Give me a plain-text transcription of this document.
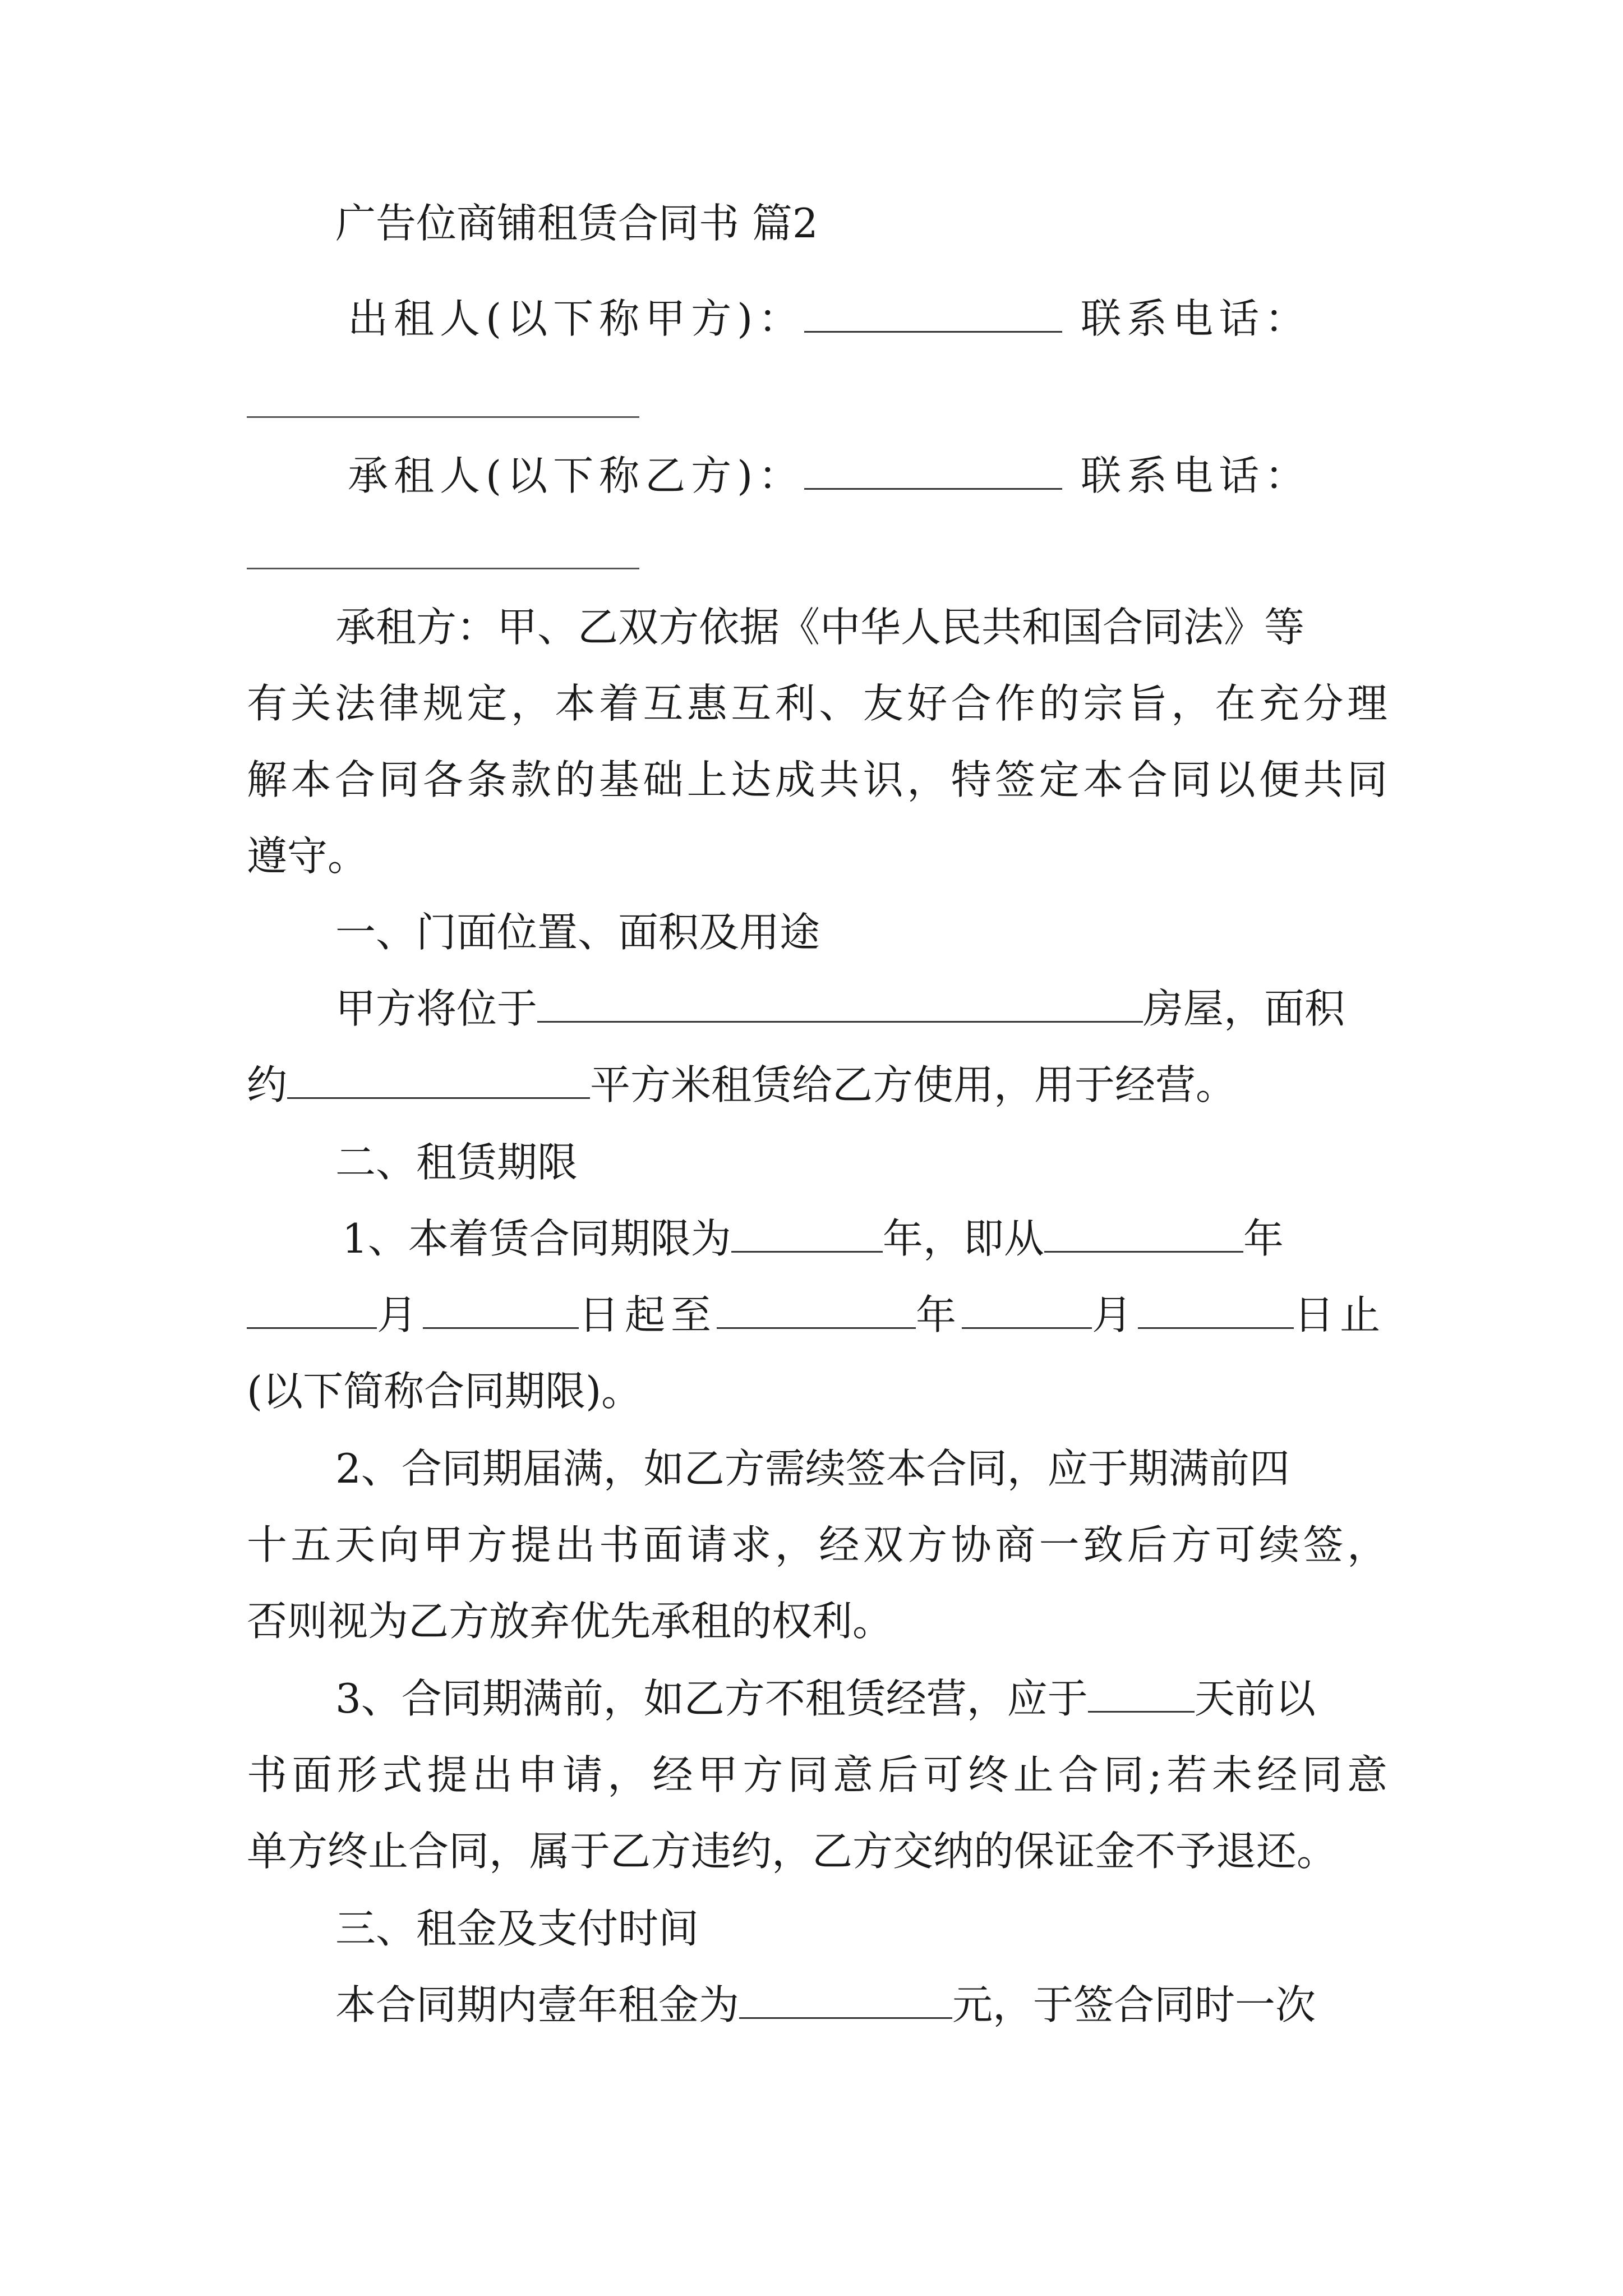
广告位商铺租赁合同书 篇2
出租人(以下称甲方)：	联系电话：
承租人(以下称乙方)：	联系电话：
承租方：甲、乙双方依据《中华人民共和国合同法》等
有关法律规定，本着互惠互利、友好合作的宗旨，在充分理
解本合同各条款的基础上达成共识，特签定本合同以便共同
遵守。
一、门面位置、面积及用途
甲方将位于	房屋，面积
约	平方米租赁给乙方使用，用于经营。
二、租赁期限
1、本着赁合同期限为	年，即从	年
月	日起至	年	月	日止
(以下简称合同期限)。
2、合同期届满，如乙方需续签本合同，应于期满前四
十五天向甲方提出书面请求，经双方协商一致后方可续签，
否则视为乙方放弃优先承租的权利。
3、合同期满前，如乙方不租赁经营，应于	天前以
书面形式提出申请，经甲方同意后可终止合同;若未经同意
单方终止合同，属于乙方违约，乙方交纳的保证金不予退还。
三、租金及支付时间
本合同期内壹年租金为	元，于签合同时一次
